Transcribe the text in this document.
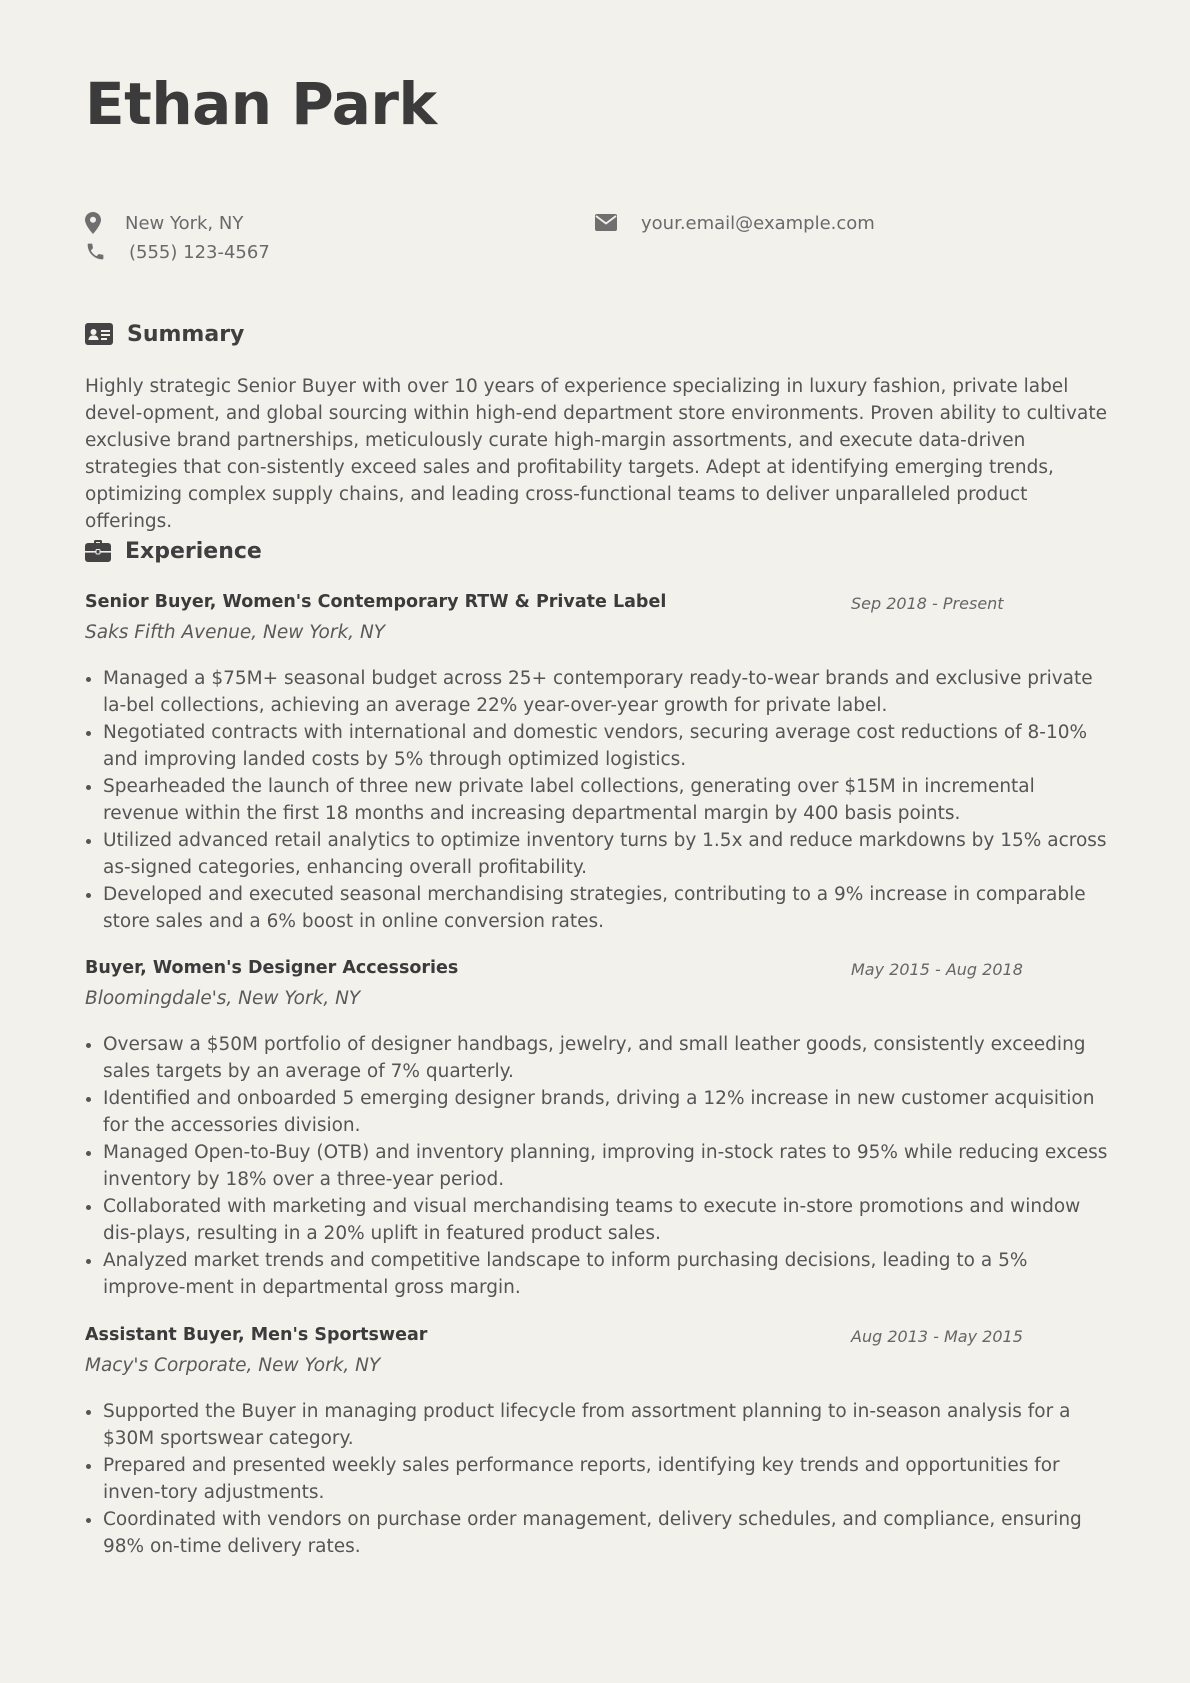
Ethan Park
New York, NY
(555) 123-4567
your.email@example.com
Summary

Highly strategic Senior Buyer with over 10 years of experience specializing in luxury fashion, private label devel-opment, and global sourcing within high-end department store environments. Proven ability to cultivate exclusive brand partnerships, meticulously curate high-margin assortments, and execute data-driven strategies that con-sistently exceed sales and profitability targets. Adept at identifying emerging trends, optimizing complex supply chains, and leading cross-functional teams to deliver unparalleled product offerings.

Experience
Senior Buyer, Women's Contemporary RTW & Private Label	Sep 2018 - Present
Saks Fifth Avenue, New York, NY
• Managed a $75M+ seasonal budget across 25+ contemporary ready-to-wear brands and exclusive private la-bel collections, achieving an average 22% year-over-year growth for private label.
• Negotiated contracts with international and domestic vendors, securing average cost reductions of 8-10% and improving landed costs by 5% through optimized logistics.
• Spearheaded the launch of three new private label collections, generating over $15M in incremental revenue within the first 18 months and increasing departmental margin by 400 basis points.
• Utilized advanced retail analytics to optimize inventory turns by 1.5x and reduce markdowns by 15% across as-signed categories, enhancing overall profitability.
• Developed and executed seasonal merchandising strategies, contributing to a 9% increase in comparable store sales and a 6% boost in online conversion rates.
Buyer, Women's Designer Accessories	May 2015 - Aug 2018
Bloomingdale's, New York, NY
• Oversaw a $50M portfolio of designer handbags, jewelry, and small leather goods, consistently exceeding sales targets by an average of 7% quarterly.
• Identified and onboarded 5 emerging designer brands, driving a 12% increase in new customer acquisition for the accessories division.
• Managed Open-to-Buy (OTB) and inventory planning, improving in-stock rates to 95% while reducing excess inventory by 18% over a three-year period.
• Collaborated with marketing and visual merchandising teams to execute in-store promotions and window dis-plays, resulting in a 20% uplift in featured product sales.
• Analyzed market trends and competitive landscape to inform purchasing decisions, leading to a 5% improve-ment in departmental gross margin.
Assistant Buyer, Men's Sportswear	Aug 2013 - May 2015
Macy's Corporate, New York, NY
• Supported the Buyer in managing product lifecycle from assortment planning to in-season analysis for a $30M sportswear category.
• Prepared and presented weekly sales performance reports, identifying key trends and opportunities for inven-tory adjustments.
• Coordinated with vendors on purchase order management, delivery schedules, and compliance, ensuring 98% on-time delivery rates.
